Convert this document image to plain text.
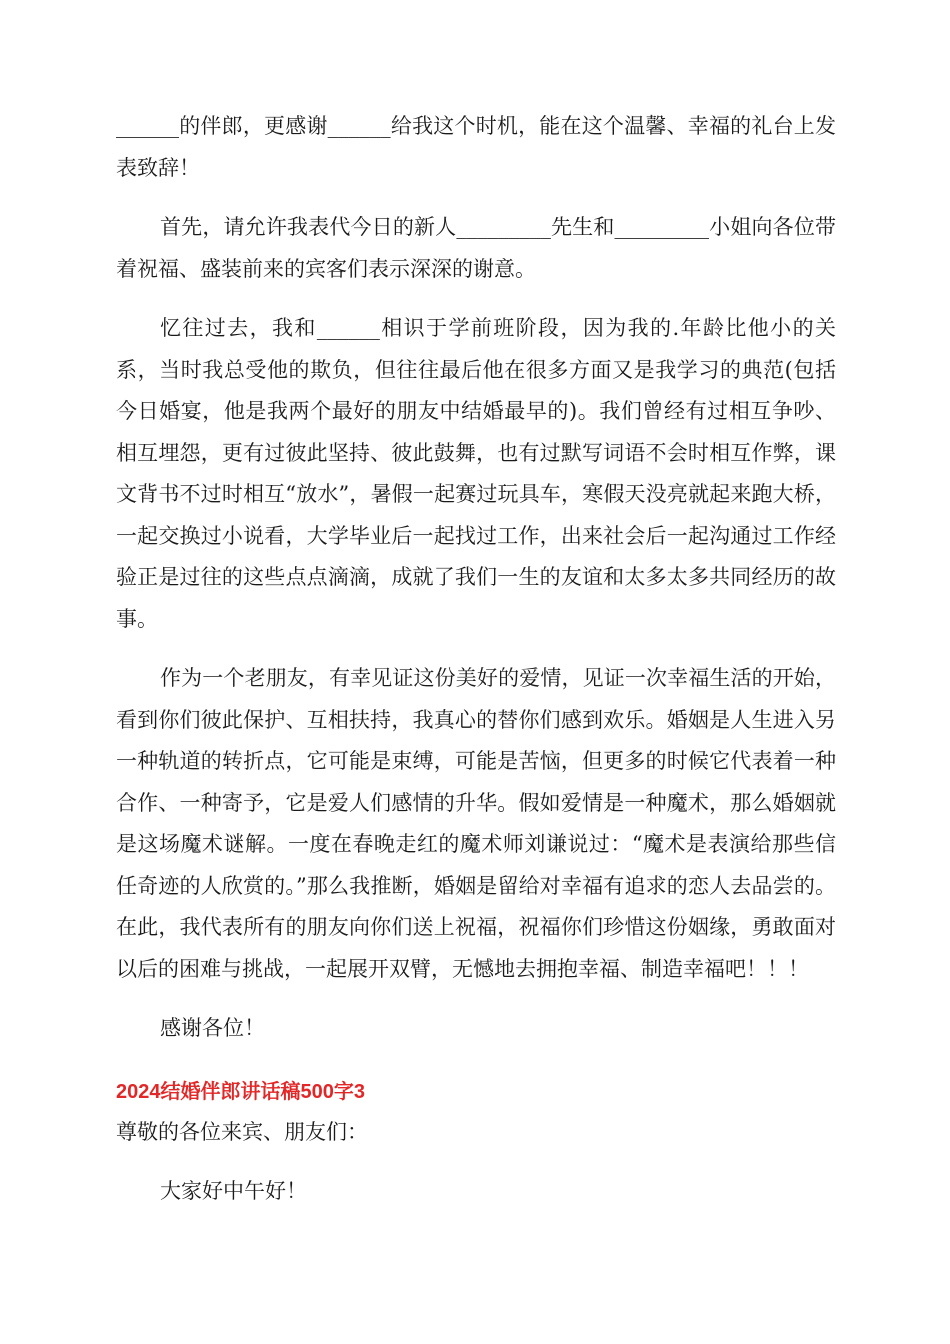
______的伴郎，更感谢______给我这个时机，能在这个温馨、幸福的礼台上发表致辞！

首先，请允许我表代今日的新人_________先生和_________小姐向各位带着祝福、盛装前来的宾客们表示深深的谢意。

忆往过去，我和______相识于学前班阶段，因为我的.年龄比他小的关系，当时我总受他的欺负，但往往最后他在很多方面又是我学习的典范(包括今日婚宴，他是我两个最好的朋友中结婚最早的)。我们曾经有过相互争吵、相互埋怨，更有过彼此坚持、彼此鼓舞，也有过默写词语不会时相互作弊，课文背书不过时相互“放水”，暑假一起赛过玩具车，寒假天没亮就起来跑大桥，一起交换过小说看，大学毕业后一起找过工作，出来社会后一起沟通过工作经验正是过往的这些点点滴滴，成就了我们一生的友谊和太多太多共同经历的故事。

作为一个老朋友，有幸见证这份美好的爱情，见证一次幸福生活的开始，看到你们彼此保护、互相扶持，我真心的替你们感到欢乐。婚姻是人生进入另一种轨道的转折点，它可能是束缚，可能是苦恼，但更多的时候它代表着一种合作、一种寄予，它是爱人们感情的升华。假如爱情是一种魔术，那么婚姻就是这场魔术谜解。一度在春晚走红的魔术师刘谦说过：“魔术是表演给那些信任奇迹的人欣赏的。”那么我推断，婚姻是留给对幸福有追求的恋人去品尝的。在此，我代表所有的朋友向你们送上祝福，祝福你们珍惜这份姻缘，勇敢面对以后的困难与挑战，一起展开双臂，无憾地去拥抱幸福、制造幸福吧！！！

感谢各位！

2024结婚伴郎讲话稿500字3

尊敬的各位来宾、朋友们：

大家好中午好！
